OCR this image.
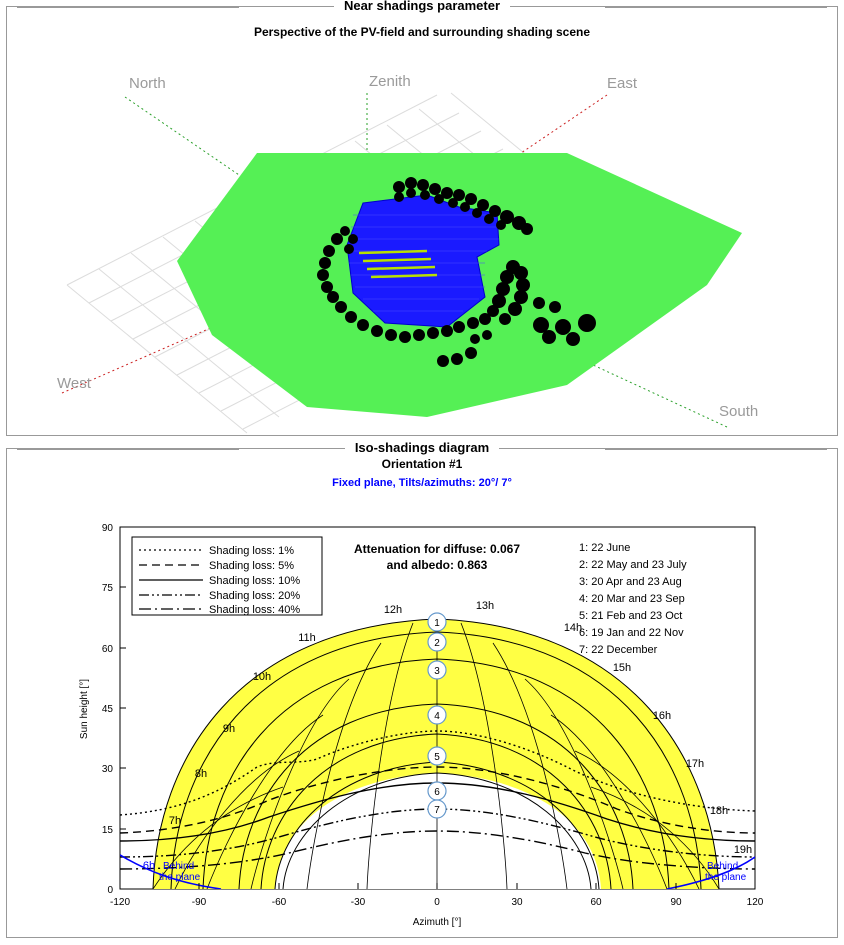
Near shadings parameter
Perspective of the PV-field and surrounding shading scene
North	Zenith	East
West
South
Iso-shadings diagram
Orientation #1
Fixed plane, Tilts/azimuths: 20°/ 7°
Shading loss: 1%
Shading loss: 5%
Shading loss: 10%
Shading loss: 20%
Shading loss: 40%
Attenuation for diffuse: 0.067
and albedo: 0.863
1: 22 June
2: 22 May and 23 July
3: 20 Apr and 23 Aug
4: 20 Mar and 23 Sep
5: 21 Feb and 23 Oct
6: 19 Jan and 22 Nov
7: 22 December
1
2
3
4
5
6
7
6h
7h
8h
9h
10h
11h
12h	13h
14h
15h
16h
17h
18h
19h
Behind
the plane
Behind
the plane
90
75
60
45
30
15
0
-120	-90	-60	-30	0	30	60	90	120
Azimuth [°]
Sun height [°]
